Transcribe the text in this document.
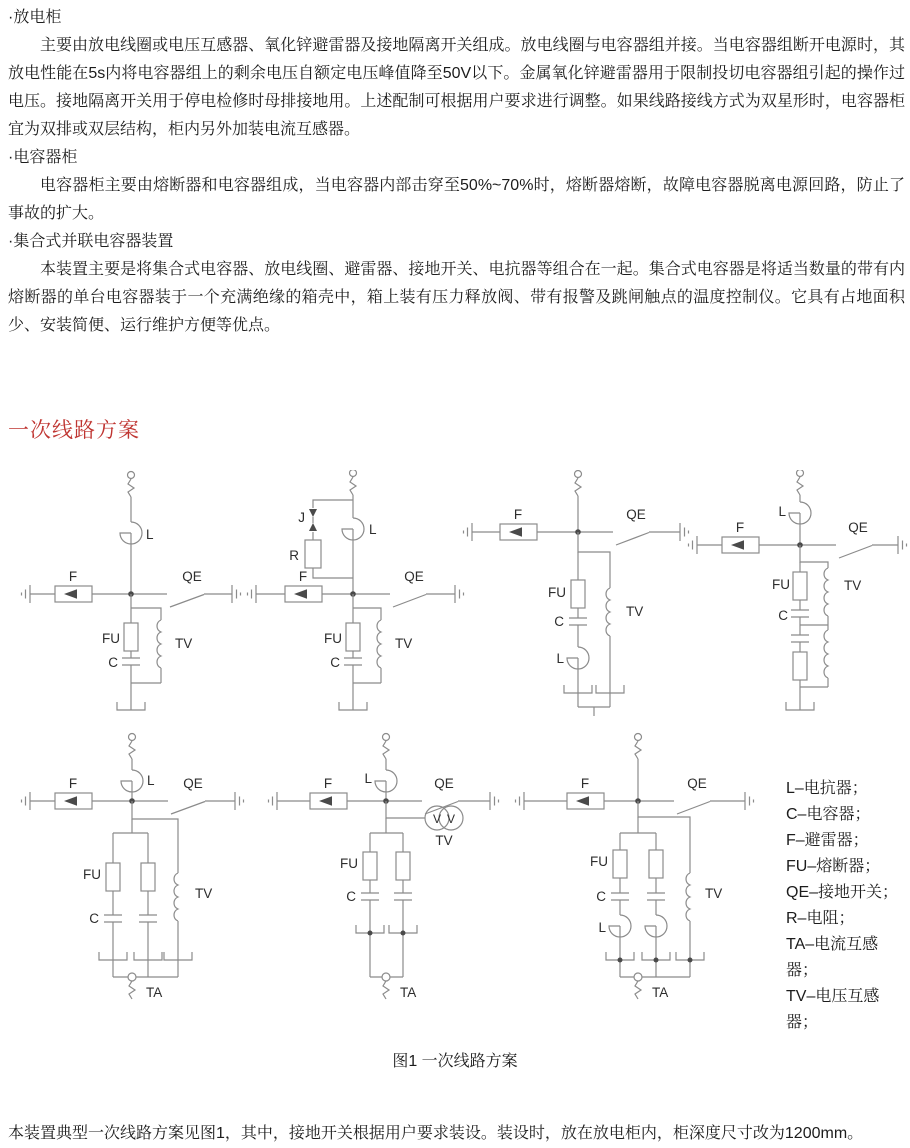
·放电柜

主要由放电线圈或电压互感器、氧化锌避雷器及接地隔离开关组成。放电线圈与电容器组并接。当电容器组断开电源时，其放电性能在5s内将电容器组上的剩余电压自额定电压峰值降至50V以下。金属氧化锌避雷器用于限制投切电容器组引起的操作过电压。接地隔离开关用于停电检修时母排接地用。上述配制可根据用户要求进行调整。如果线路接线方式为双星形时，电容器柜宜为双排或双层结构，柜内另外加装电流互感器。

·电容器柜

电容器柜主要由熔断器和电容器组成，当电容器内部击穿至50%~70%时，熔断器熔断，故障电容器脱离电源回路，防止了事故的扩大。

·集合式并联电容器装置

本装置主要是将集合式电容器、放电线圈、避雷器、接地开关、电抗器等组合在一起。集合式电容器是将适当数量的带有内熔断器的单台电容器装于一个充满绝缘的箱壳中，箱上装有压力释放阀、带有报警及跳闸触点的温度控制仪。它具有占地面积少、安装简便、运行维护方便等优点。

一次线路方案
L
F	QE
FU
C
TV
J
R
L
F	QE
FU
C
TV
F	QE
FU
C
L
TV
L
F	QE
FU
C
TV
L
F	QE
TA
FU
C
TV
L
F	QE
V V
TV
TA
FU
C
F	QE
TA
FU
C
L
TV
L–电抗器；
C–电容器；
F–避雷器；
FU–熔断器；
QE–接地开关；
R–电阻；
TA–电流互感器；
TV–电压互感器；
图1 一次线路方案
本装置典型一次线路方案见图1，其中，接地开关根据用户要求装设。装设时，放在放电柜内，柜深度尺寸改为1200mm。
